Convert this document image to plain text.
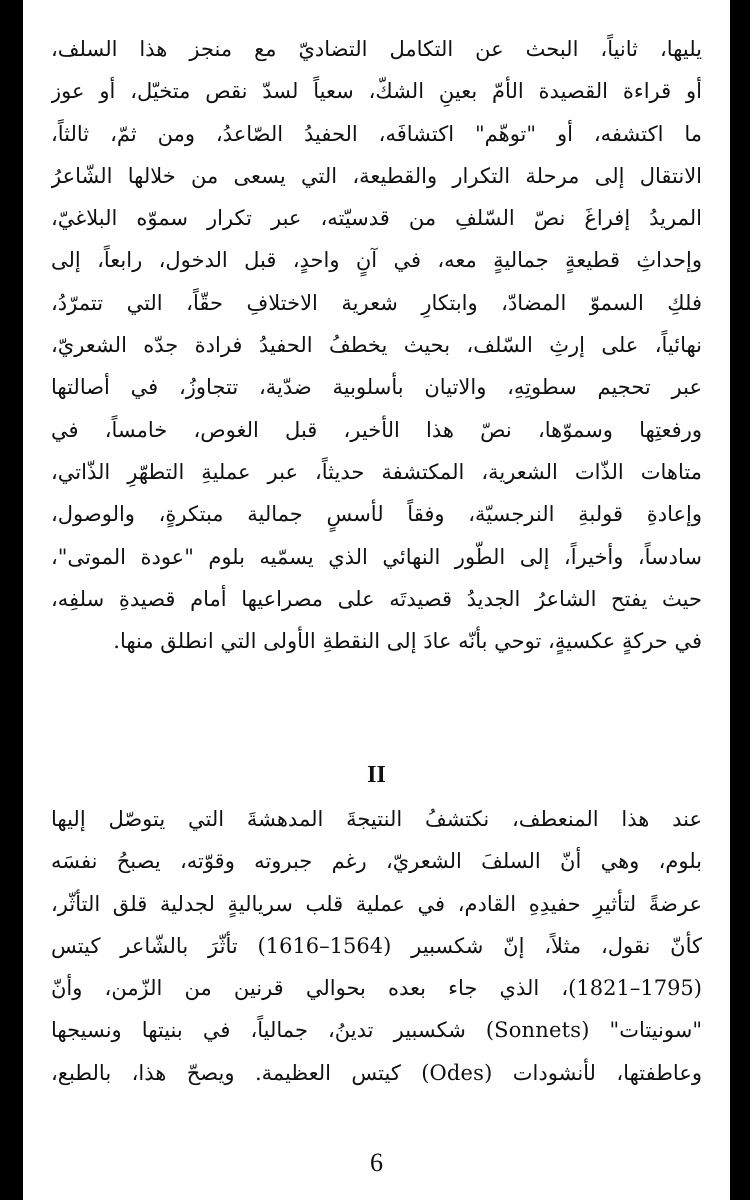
يليها، ثانياً، البحث عن التكامل التضاديّ مع منجز هذا السلف،
أو قراءة القصيدة الأمّ بعينِ الشكّ، سعياً لسدّ نقص متخيّل، أو عوز
ما اكتشفه، أو "توهّم" اكتشافَه، الحفيدُ الصّاعدُ، ومن ثمّ، ثالثاً،
الانتقال إلى مرحلة التكرار والقطيعة، التي يسعى من خلالها الشّاعرُ
المريدُ إفراغَ نصّ السّلفِ من قدسيّته، عبر تكرار سموّه البلاغيّ،
وإحداثِ قطيعةٍ جماليةٍ معه، في آنٍ واحدٍ، قبل الدخول، رابعاً، إلى
فلكِ السموّ المضادّ، وابتكارِ شعرية الاختلافِ حقّاً، التي تتمرّدُ،
نهائياً، على إرثِ السّلف، بحيث يخطفُ الحفيدُ فرادة جدّه الشعريّ،
عبر تحجيم سطوتِهِ، والاتيان بأسلوبية ضدّية، تتجاوزُ، في أصالتها
ورفعتِها وسموّها، نصّ هذا الأخير، قبل الغوص، خامساً، في
متاهات الذّات الشعرية، المكتشفة حديثاً، عبر عمليةِ التطهّرِ الذّاتي،
وإعادةِ قولبةِ النرجسيّة، وفقاً لأسسٍ جمالية مبتكرةٍ، والوصول،
سادساً، وأخيراً، إلى الطّور النهائي الذي يسمّيه بلوم "عودة الموتى"،
حيث يفتح الشاعرُ الجديدُ قصيدتَه على مصراعيها أمام قصيدةِ سلفِه،
في حركةٍ عكسيةٍ، توحي بأنّه عادَ إلى النقطةِ الأولى التي انطلق منها.
II
عند هذا المنعطف، نكتشفُ النتيجةَ المدهشةَ التي يتوصّل إليها
بلوم، وهي أنّ السلفَ الشعريّ، رغم جبروته وقوّته، يصبحُ نفسَه
عرضةً لتأثيرِ حفيدِهِ القادم، في عملية قلب سرياليةٍ لجدلية قلق التأثّر،
كأنّ نقول، مثلاً، إنّ شكسبير (1564–1616) تأثّرَ بالشّاعر كيتس
(1795–1821)، الذي جاء بعده بحوالي قرنين من الزّمن، وأنّ
"سونيتات" (Sonnets) شكسبير تدينُ، جمالياً، في بنيتها ونسيجها
وعاطفتها، لأنشودات (Odes) كيتس العظيمة. ويصحّ هذا، بالطبع،
6
